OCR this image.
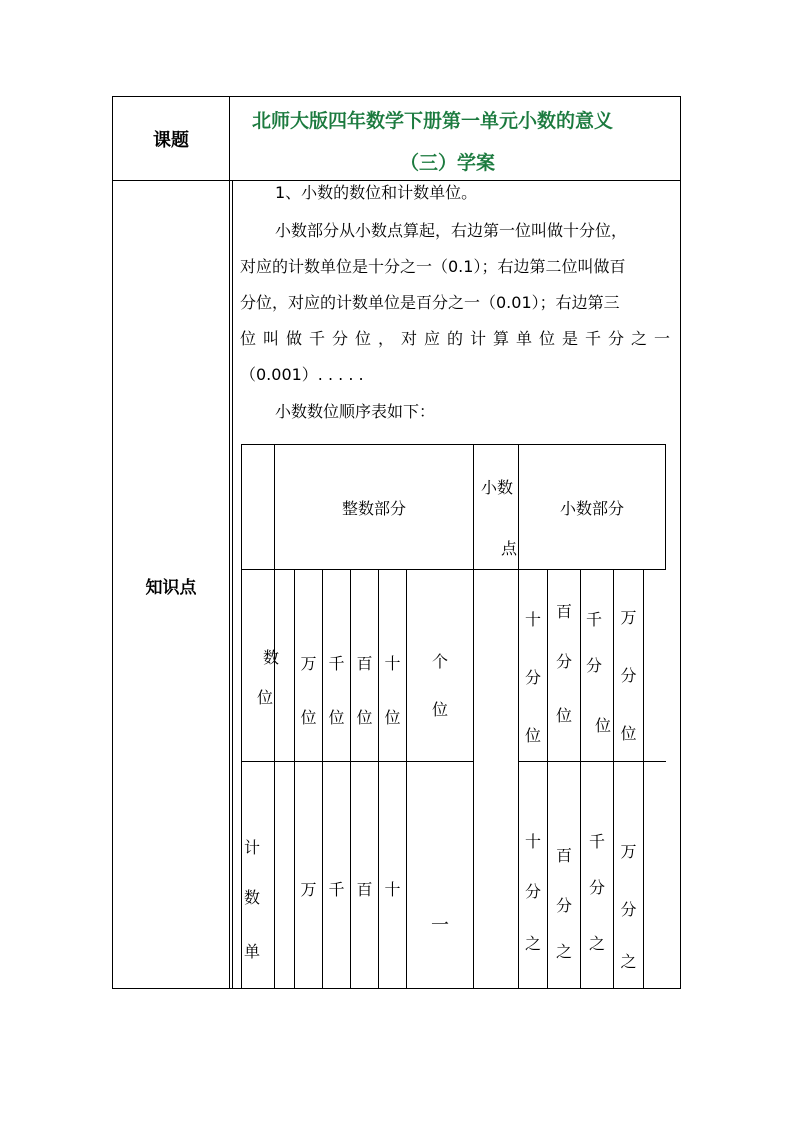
课题
北师大版四年数学下册第一单元小数的意义
（三）学案
知识点
1、小数的数位和计数单位。
小数部分从小数点算起，右边第一位叫做十分位，
对应的计数单位是十分之一（0.1）；右边第二位叫做百
分位，对应的计数单位是百分之一（0.01）；右边第三
位叫做千分位，对应的计算单位是千分之一
（0.001）. . . . .
小数数位顺序表如下：
整数部分
小数
点
小数部分
数
位
万
位
千
位
百
位
十
位
个
位
十
分
位
百
分
位
千
分
位
万
分
位
计
数
单
万 千 百 十
一
十
分
之
百
分
之
千
分
之
万
分
之
